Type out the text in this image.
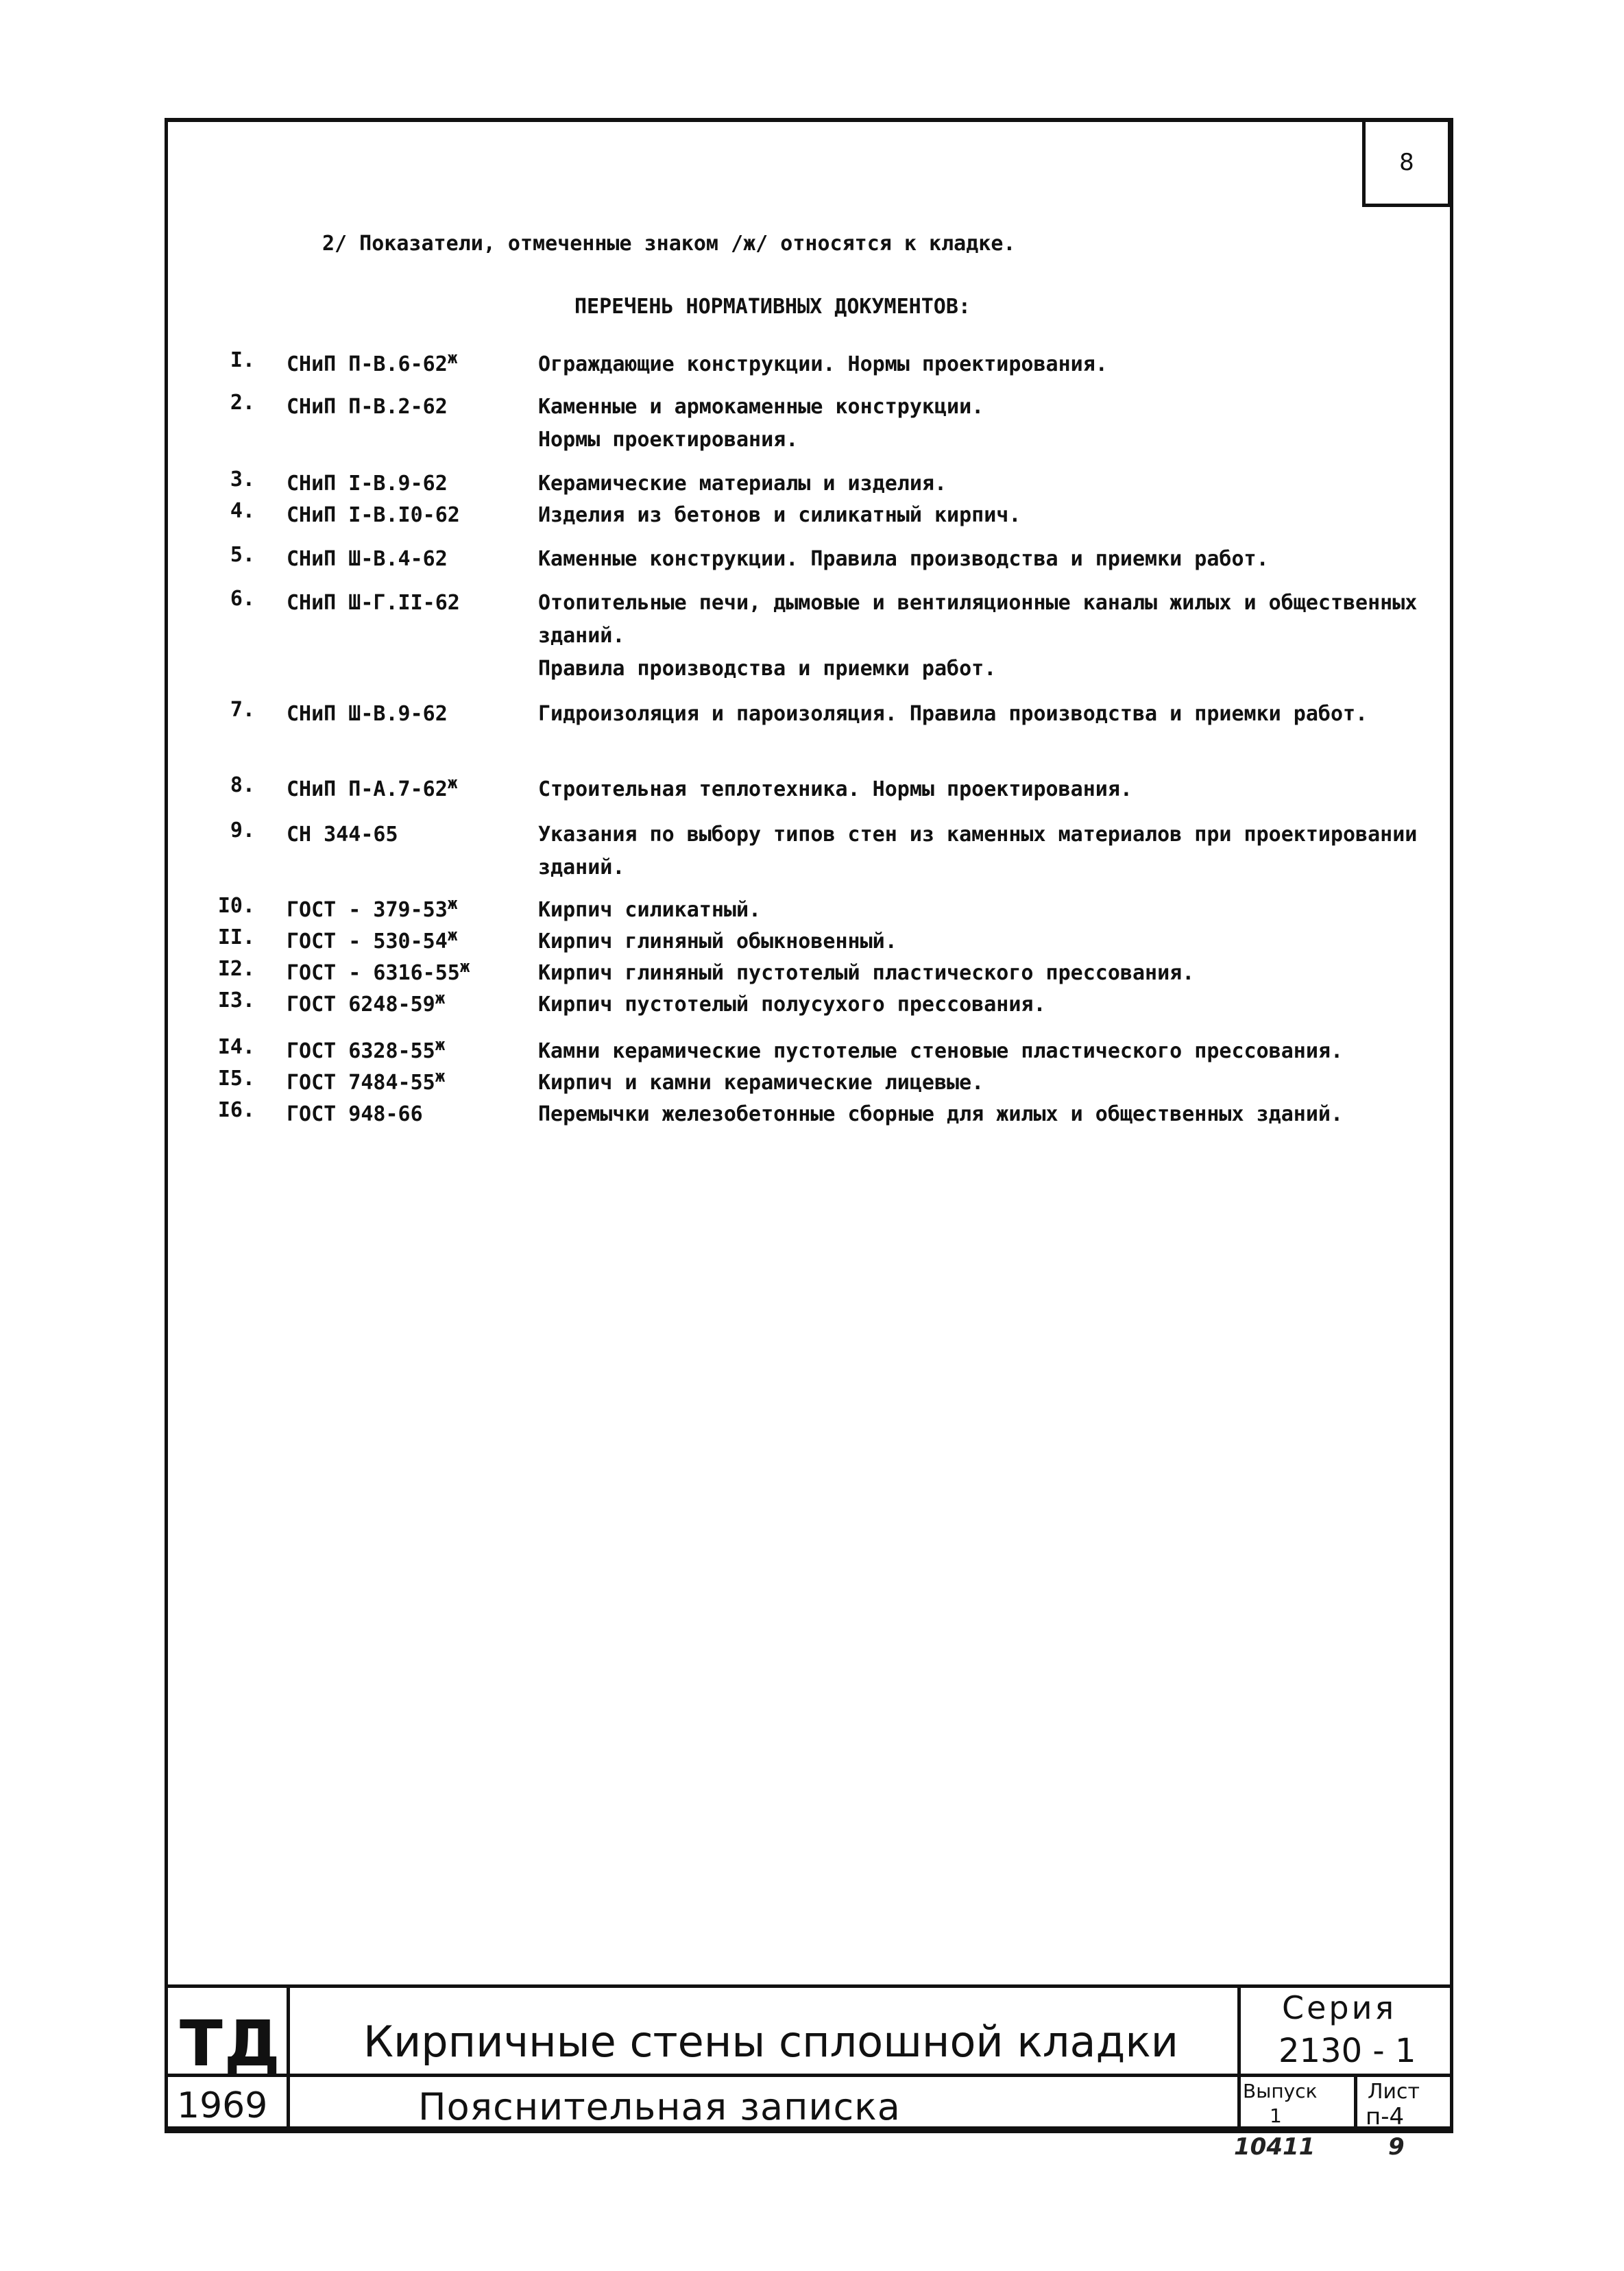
8
2/ Показатели, отмеченные знаком /ж/ относятся к кладке.
ПЕРЕЧЕНЬ НОРМАТИВНЫХ ДОКУМЕНТОВ:
I. СНиП $П-В.6-62^ж$	Ограждающие конструкции. Нормы проектирования.
2. СНиП П-В.2-62	Каменные и армокаменные конструкции.
Нормы проектирования.
3. СНиП I-В.9-62	Керамические материалы и изделия.
4. СНиП I-В.I0-62	Изделия из бетонов и силикатный кирпич.
5. СНиП Ш-В.4-62	Каменные конструкции. Правила производства и приемки работ.
6. СНиП Ш-Г.II-62	Отопительные печи, дымовые и вентиляционные каналы жилых и общественных зданий.
Правила производства и приемки работ.
7. СНиП Ш-В.9-62	Гидроизоляция и пароизоляция. Правила производства и приемки работ.
8. СНиП $П-А.7-62^ж$	Строительная теплотехника. Нормы проектирования.
9. СН 344-65	Указания по выбору типов стен из каменных материалов при проектировании зданий.
I0. ГОСТ - $379-53^ж$	Кирпич силикатный.
II. ГОСТ - $530-54^ж$	Кирпич глиняный обыкновенный.
I2. ГОСТ - $6316-55^ж$	Кирпич глиняный пустотелый пластического прессования.
I3. ГОСТ $6248-59^ж$	Кирпич пустотелый полусухого прессования.
I4. ГОСТ $6328-55^ж$	Камни керамические пустотелые стеновые пластического прессования.
I5. ГОСТ $7484-55^ж$	Кирпич и камни керамические лицевые.
I6. ГОСТ 948-66	Перемычки железобетонные сборные для жилых и общественных зданий.
ТД
1969
Кирпичные стены сплошной кладки
Пояснительная записка
Серия
2130 - 1
Выпуск
1
Лист
п-4
10411	9
